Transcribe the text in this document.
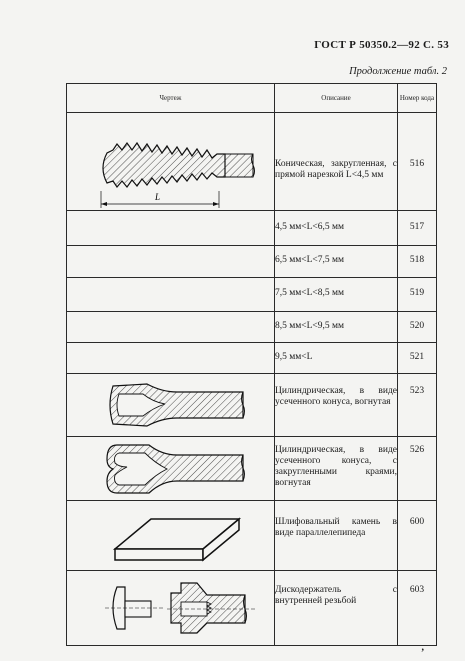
ГОСТ Р 50350.2—92 С. 53
Продолжение табл. 2
Чертеж	Описание	Номер кода

L	Коническая, закругленная, с прямой нарезкой L<4,5 мм	516
	4,5 мм<L<6,5 мм	517
	6,5 мм<L<7,5 мм	518
	7,5 мм<L<8,5 мм	519
	8,5 мм<L<9,5 мм	520
	9,5 мм<L	521

	Цилиндрическая, в виде усеченного конуса, вогнутая	523

	Цилиндрическая, в виде усеченного конуса, с закругленными краями, вогнутая	526

	Шлифовальный камень в виде параллелепипеда	600

	Дискодержатель с внутренней резьбой	603
,
